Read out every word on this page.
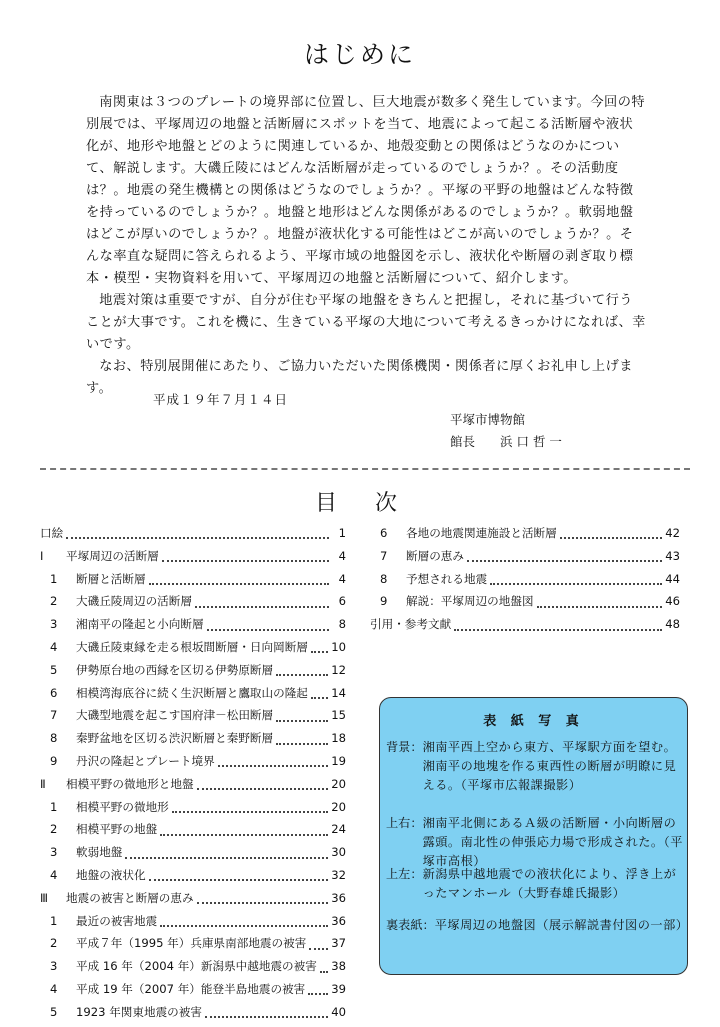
はじめに

南関東は３つのプレートの境界部に位置し、巨大地震が数多く発生しています。今回の特別展では、平塚周辺の地盤と活断層にスポットを当て、地震によって起こる活断層や液状化が、地形や地盤とどのように関連しているか、地殻変動との関係はどうなのかについて、解説します。大磯丘陵にはどんな活断層が走っているのでしょうか？。その活動度は？。地震の発生機構との関係はどうなのでしょうか？。平塚の平野の地盤はどんな特徴を持っているのでしょうか？。地盤と地形はどんな関係があるのでしょうか？。軟弱地盤はどこが厚いのでしょうか？。地盤が液状化する可能性はどこが高いのでしょうか？。そんな率直な疑問に答えられるよう、平塚市域の地盤図を示し、液状化や断層の剥ぎ取り標本・模型・実物資料を用いて、平塚周辺の地盤と活断層について、紹介します。

地震対策は重要ですが、自分が住む平塚の地盤をきちんと把握し，それに基づいて行うことが大事です。これを機に、生きている平塚の大地について考えるきっかけになれば、幸いです。

なお、特別展開催にあたり、ご協力いただいた関係機関・関係者に厚くお礼申し上げます。

平成１９年７月１４日
平塚市博物館
館長　　浜 口 哲 一
目　次
口絵	1
Ⅰ	平塚周辺の活断層	4
1	断層と活断層	4
2	大磯丘陵周辺の活断層	6
3	湘南平の隆起と小向断層	8
4	大磯丘陵東縁を走る根坂間断層・日向岡断層 10
5	伊勢原台地の西縁を区切る伊勢原断層	12
6	相模湾海底谷に続く生沢断層と鷹取山の隆起 14
7	大磯型地震を起こす国府津－松田断層	15
8	秦野盆地を区切る渋沢断層と秦野断層	18
9	丹沢の隆起とプレート境界	19
Ⅱ	相模平野の微地形と地盤	20
1	相模平野の微地形	20
2	相模平野の地盤	24
3	軟弱地盤	30
4	地盤の液状化	32
Ⅲ	地震の被害と断層の恵み	36
1	最近の被害地震	36
2	平成７年（1995 年）兵庫県南部地震の被害 37
3	平成 16 年（2004 年）新潟県中越地震の被害 38
4	平成 19 年（2007 年）能登半島地震の被害 39
5	1923 年関東地震の被害	40
6	各地の地震関連施設と活断層	42
7	断層の恵み	43
8	予想される地震	44
9	解説：平塚周辺の地盤図	46
引用・参考文献	48
表 紙 写 真
背景： 湘南平西上空から東方、平塚駅方面を望む。湘南平の地塊を作る東西性の断層が明瞭に見える。（平塚市広報課撮影）
上右： 湘南平北側にあるＡ級の活断層・小向断層の露頭。南北性の伸張応力場で形成された。（平塚市高根）
上左： 新潟県中越地震での液状化により、浮き上がったマンホール（大野春雄氏撮影）
裏表紙： 平塚周辺の地盤図（展示解説書付図の一部）
